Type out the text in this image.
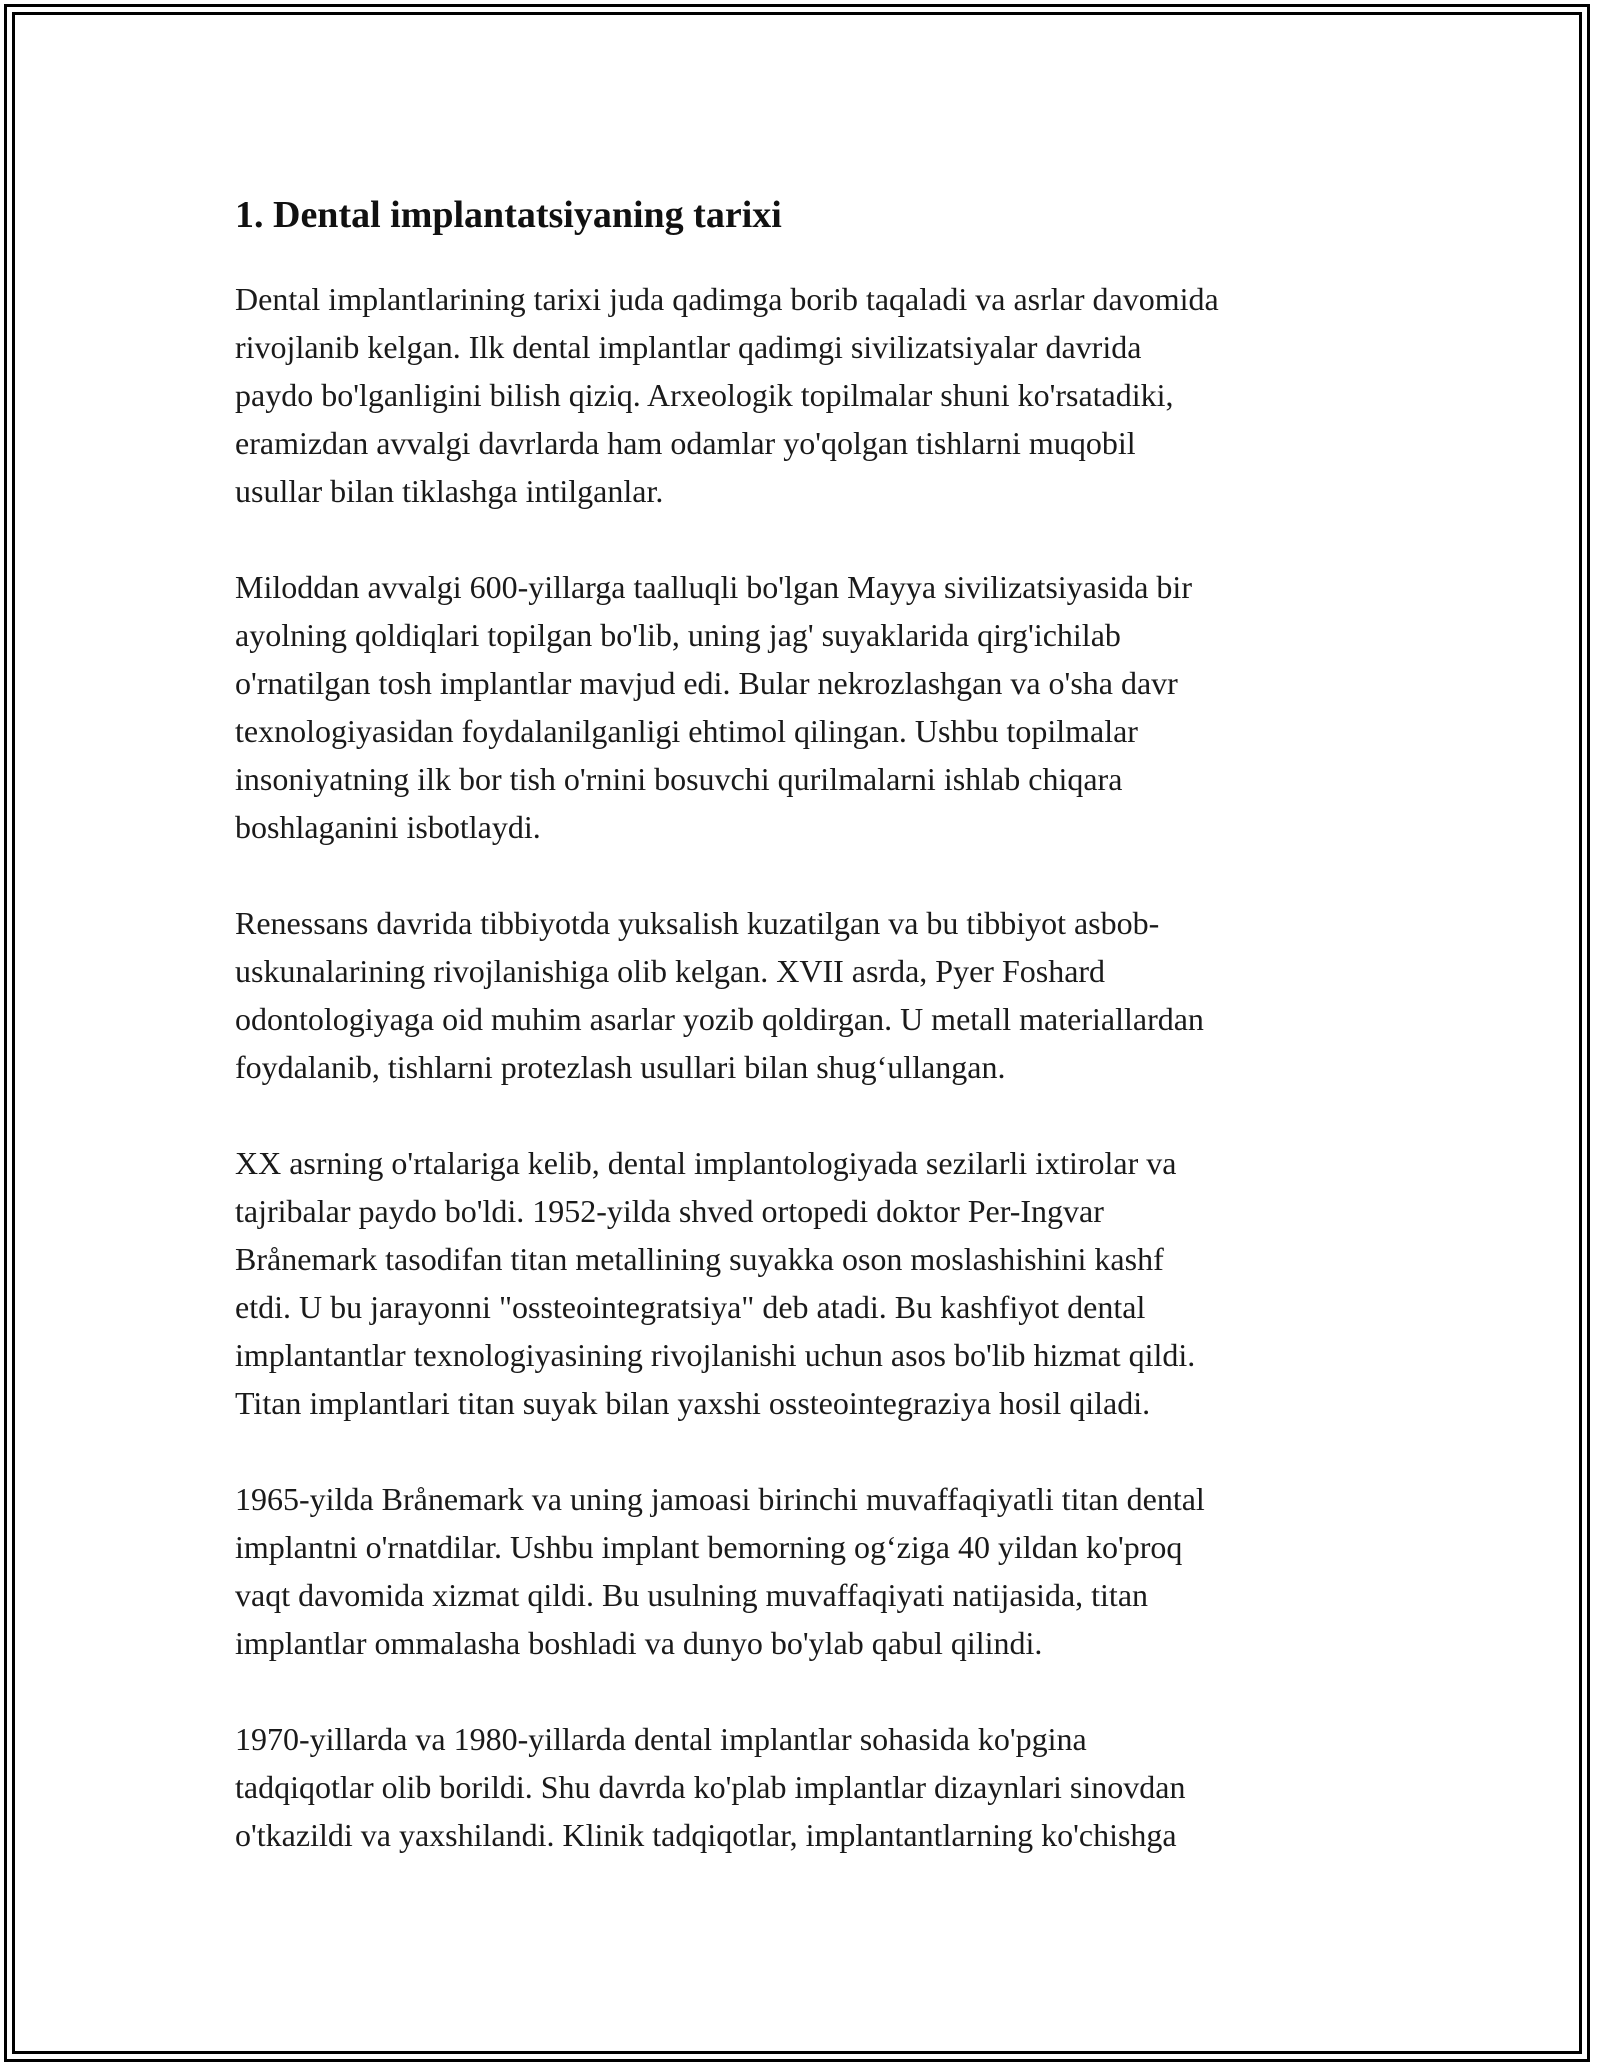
1. Dental implantatsiyaning tarixi

Dental implantlarining tarixi juda qadimga borib taqaladi va asrlar davomida
rivojlanib kelgan. Ilk dental implantlar qadimgi sivilizatsiyalar davrida
paydo bo'lganligini bilish qiziq. Arxeologik topilmalar shuni ko'rsatadiki,
eramizdan avvalgi davrlarda ham odamlar yo'qolgan tishlarni muqobil
usullar bilan tiklashga intilganlar.

Miloddan avvalgi 600-yillarga taalluqli bo'lgan Mayya sivilizatsiyasida bir
ayolning qoldiqlari topilgan bo'lib, uning jag' suyaklarida qirg'ichilab
o'rnatilgan tosh implantlar mavjud edi. Bular nekrozlashgan va o'sha davr
texnologiyasidan foydalanilganligi ehtimol qilingan. Ushbu topilmalar
insoniyatning ilk bor tish o'rnini bosuvchi qurilmalarni ishlab chiqara
boshlaganini isbotlaydi.

Renessans davrida tibbiyotda yuksalish kuzatilgan va bu tibbiyot asbob-
uskunalarining rivojlanishiga olib kelgan. XVII asrda, Pyer Foshard
odontologiyaga oid muhim asarlar yozib qoldirgan. U metall materiallardan
foydalanib, tishlarni protezlash usullari bilan shug‘ullangan.

XX asrning o'rtalariga kelib, dental implantologiyada sezilarli ixtirolar va
tajribalar paydo bo'ldi. 1952-yilda shved ortopedi doktor Per-Ingvar
Brånemark tasodifan titan metallining suyakka oson moslashishini kashf
etdi. U bu jarayonni "ossteointegratsiya" deb atadi. Bu kashfiyot dental
implantantlar texnologiyasining rivojlanishi uchun asos bo'lib hizmat qildi.
Titan implantlari titan suyak bilan yaxshi ossteointegraziya hosil qiladi.

1965-yilda Brånemark va uning jamoasi birinchi muvaffaqiyatli titan dental
implantni o'rnatdilar. Ushbu implant bemorning og‘ziga 40 yildan ko'proq
vaqt davomida xizmat qildi. Bu usulning muvaffaqiyati natijasida, titan
implantlar ommalasha boshladi va dunyo bo'ylab qabul qilindi.

1970-yillarda va 1980-yillarda dental implantlar sohasida ko'pgina
tadqiqotlar olib borildi. Shu davrda ko'plab implantlar dizaynlari sinovdan
o'tkazildi va yaxshilandi. Klinik tadqiqotlar, implantantlarning ko'chishga
